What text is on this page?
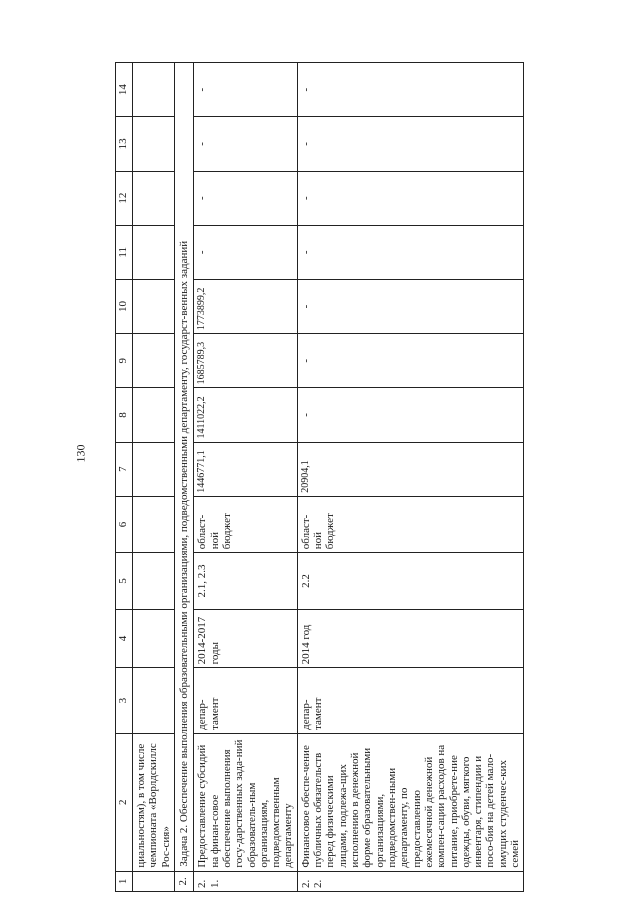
130
1	2	3	4	5	6	7	8	9	10	11	12	13	14
	циальностям), в том числе чемпионата «Ворлдскиллс Рос-сия»												
2.	Задача 2. Обеспечение выполнения образовательными организациями, подведомственными департаменту, государст-венных заданий												
2.1.	Предоставление субсидий на финан-совое обеспечение выполнения госу-дарственных зада-ний образователь-ным организациям, подведомственным департаменту	депар-тамент	2014-2017 годы	2.1, 2.3	област-ной бюджет	1446771,1	1411022,2	1685789,3	1773899,2	-	-	-	-
2.2.	Финансовое обеспе-чение публичных обязательств перед физическими лицами, подлежа-щих исполнению в денежной форме образовательными организациями, подведомствен-ными департаменту, по предоставлению ежемесячной денежной компен-сации расходов на питание, приобрете-ние одежды, обуви, мягкого инвентаря, стипендии и посо-бия на детей мало-имущих студенчес-ких семей	депар-тамент	2014 год	2.2	област-ной бюджет	20904,1	-	-	-	-	-	-	-
